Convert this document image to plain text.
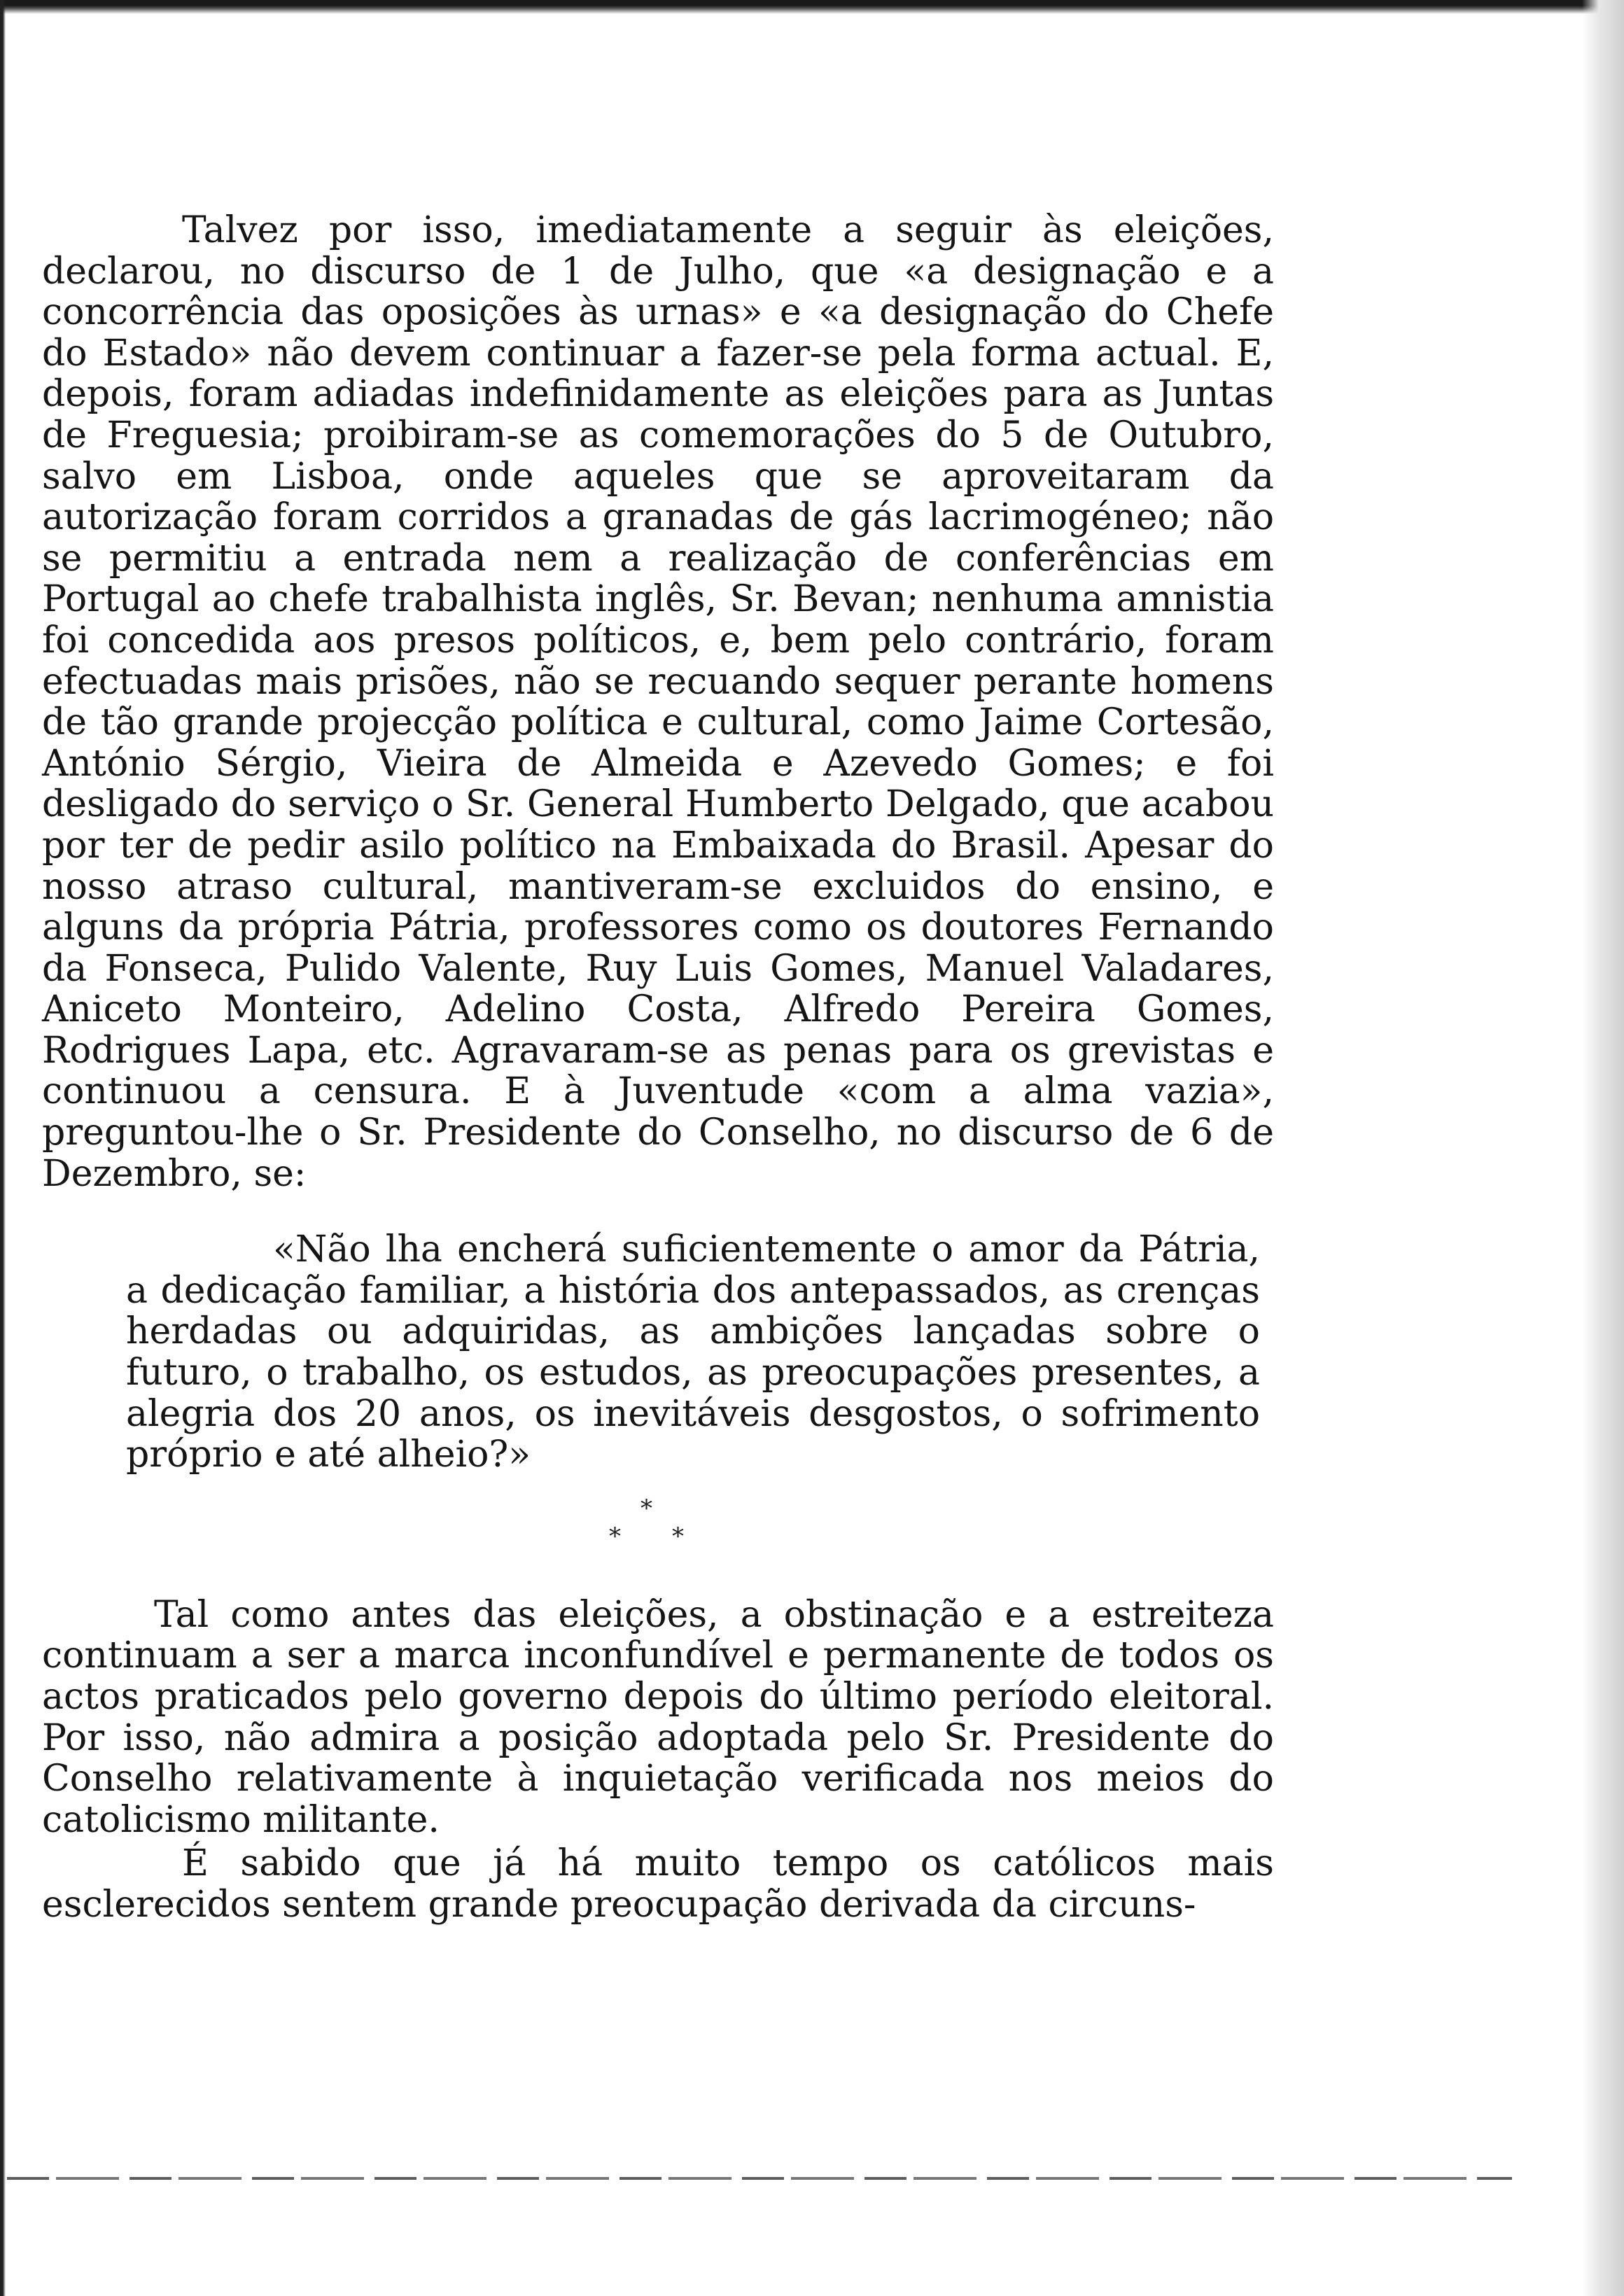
Talvez por isso, imediatamente a seguir às eleições, declarou, no discurso de 1 de Julho, que «a designação e a concorrência das oposições às urnas» e «a designação do Chefe do Estado» não devem continuar a fazer-se pela forma actual. E, depois, foram adiadas indefinidamente as eleições para as Juntas de Freguesia; proibiram-se as comemorações do 5 de Outubro, salvo em Lisboa, onde aqueles que se aproveitaram da autorização foram corridos a granadas de gás lacrimogéneo; não se permitiu a entrada nem a realização de conferências em Portugal ao chefe trabalhista inglês, Sr. Bevan; nenhuma amnistia foi concedida aos presos políticos, e, bem pelo contrário, foram efectuadas mais prisões, não se recuando sequer perante homens de tão grande projecção política e cultural, como Jaime Cortesão, António Sérgio, Vieira de Almeida e Azevedo Gomes; e foi desligado do serviço o Sr. General Humberto Delgado, que acabou por ter de pedir asilo político na Embaixada do Brasil. Apesar do nosso atraso cultural, mantiveram-se excluidos do ensino, e alguns da própria Pátria, professores como os doutores Fernando da Fonseca, Pulido Valente, Ruy Luis Gomes, Manuel Valadares, Aniceto Monteiro, Adelino Costa, Alfredo Pereira Gomes, Rodrigues Lapa, etc. Agravaram-se as penas para os grevistas e continuou a censura. E à Juventude «com a alma vazia», preguntou-lhe o Sr. Presidente do Conselho, no discurso de 6 de Dezembro, se:

«Não lha encherá suficientemente o amor da Pátria, a dedicação familiar, a história dos antepassados, as crenças herdadas ou adquiridas, as ambições lançadas sobre o futuro, o trabalho, os estudos, as preocupações presentes, a alegria dos 20 anos, os inevitáveis desgostos, o sofrimento próprio e até alheio?»

*
* *

Tal como antes das eleições, a obstinação e a estreiteza continuam a ser a marca inconfundível e permanente de todos os actos praticados pelo governo depois do último período eleitoral. Por isso, não admira a posição adoptada pelo Sr. Presidente do Conselho relativamente à inquietação verificada nos meios do catolicismo militante.

É sabido que já há muito tempo os católicos mais esclerecidos sentem grande preocupação derivada da circuns-
